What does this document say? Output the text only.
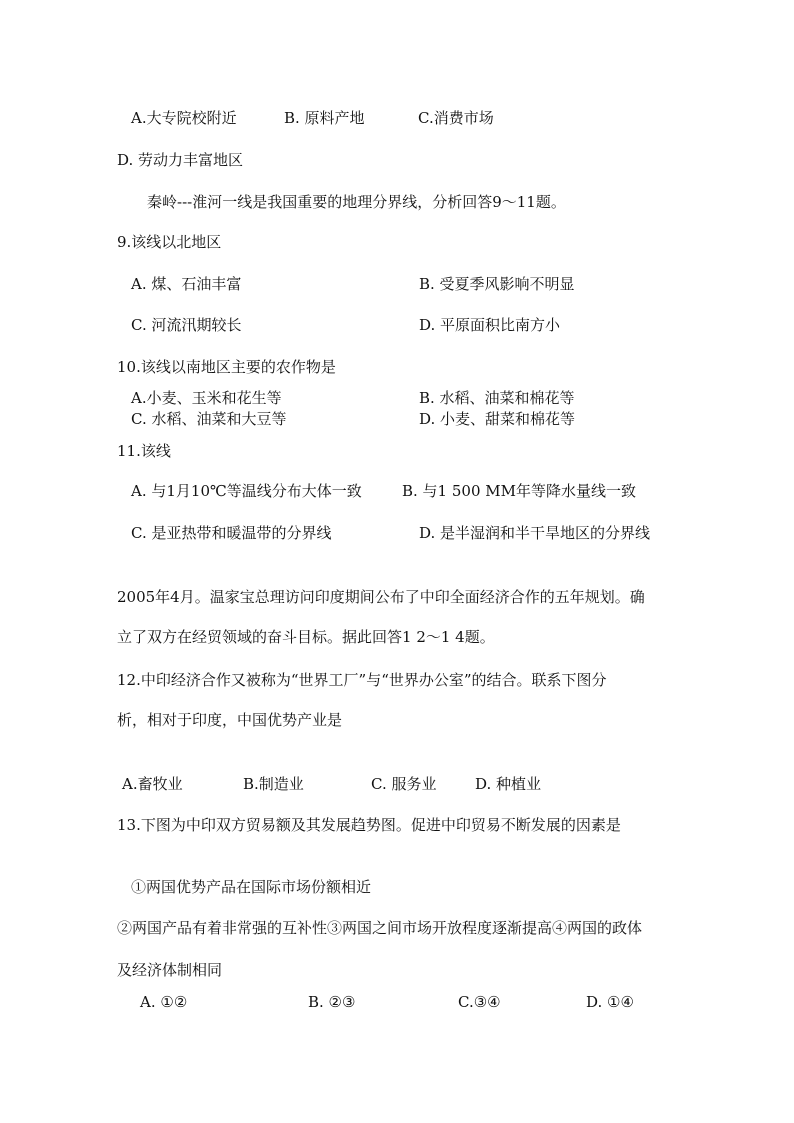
A.大专院校附近	B. 原料产地	C.消费市场
D. 劳动力丰富地区
秦岭---淮河一线是我国重要的地理分界线，分析回答9～11题。
9.该线以北地区
A. 煤、石油丰富	B. 受夏季风影响不明显
C. 河流汛期较长	D. 平原面积比南方小
10.该线以南地区主要的农作物是
A.小麦、玉米和花生等	B. 水稻、油菜和棉花等
C. 水稻、油菜和大豆等	D. 小麦、甜菜和棉花等
11.该线
A. 与1月10℃等温线分布大体一致	B. 与1 500 MM年等降水量线一致
C. 是亚热带和暖温带的分界线	D. 是半湿润和半干旱地区的分界线
2005年4月。温家宝总理访问印度期间公布了中印全面经济合作的五年规划。确
立了双方在经贸领域的奋斗目标。据此回答1 2～1 4题。
12.中印经济合作又被称为“世界工厂”与“世界办公室”的结合。联系下图分
析，相对于印度，中国优势产业是
A.畜牧业	B.制造业	C. 服务业	D. 种植业
13.下图为中印双方贸易额及其发展趋势图。促进中印贸易不断发展的因素是
①两国优势产品在国际市场份额相近
②两国产品有着非常强的互补性③两国之间市场开放程度逐渐提高④两国的政体
及经济体制相同
A. ①②	B. ②③	C.③④	D. ①④
